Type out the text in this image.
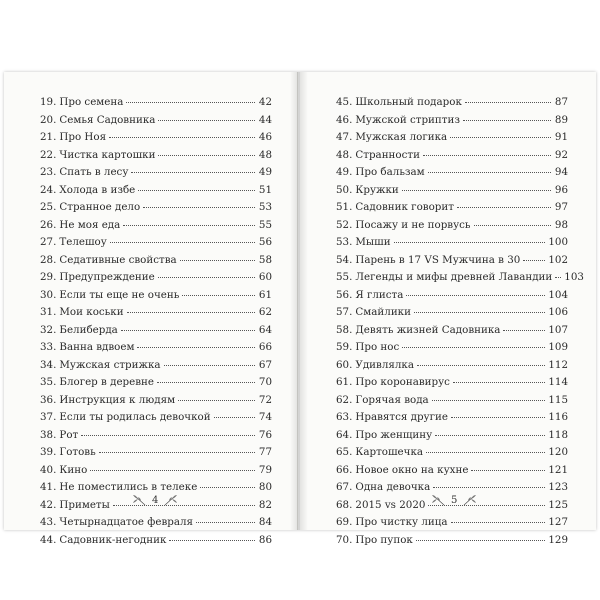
19. Про семена	42
20. Семья Садовника	44
21. Про Ноя	46
22. Чистка картошки	48
23. Спать в лесу	49
24. Холода в избе	51
25. Странное дело	53
26. Не моя еда	55
27. Телешоу	56
28. Седативные свойства	58
29. Предупреждение	60
30. Если ты еще не очень	61
31. Мои коськи	62
32. Белиберда	64
33. Ванна вдвоем	66
34. Мужская стрижка	67
35. Блогер в деревне	70
36. Инструкция к людям	72
37. Если ты родилась девочкой	74
38. Рот	76
39. Готовь	77
40. Кино	79
41. Не поместились в телеке	80
42. Приметы	82
43. Четырнадцатое февраля	84
44. Садовник-негодник	86
4
45. Школьный подарок	87
46. Мужской стриптиз	89
47. Мужская логика	91
48. Странности	92
49. Про бальзам	94
50. Кружки	96
51. Садовник говорит	97
52. Посажу и не порвусь	98
53. Мыши	100
54. Парень в 17 VS Мужчина в 30	102
55. Легенды и мифы древней Лавандии 103
56. Я глиста	104
57. Смайлики	106
58. Девять жизней Садовника	107
59. Про нос	109
60. Удивлялка	112
61. Про коронавирус	114
62. Горячая вода	115
63. Нравятся другие	116
64. Про женщину	118
65. Картошечка	120
66. Новое окно на кухне	121
67. Одна девочка	123
68. 2015 vs 2020	125
69. Про чистку лица	127
70. Про пупок	129
5
